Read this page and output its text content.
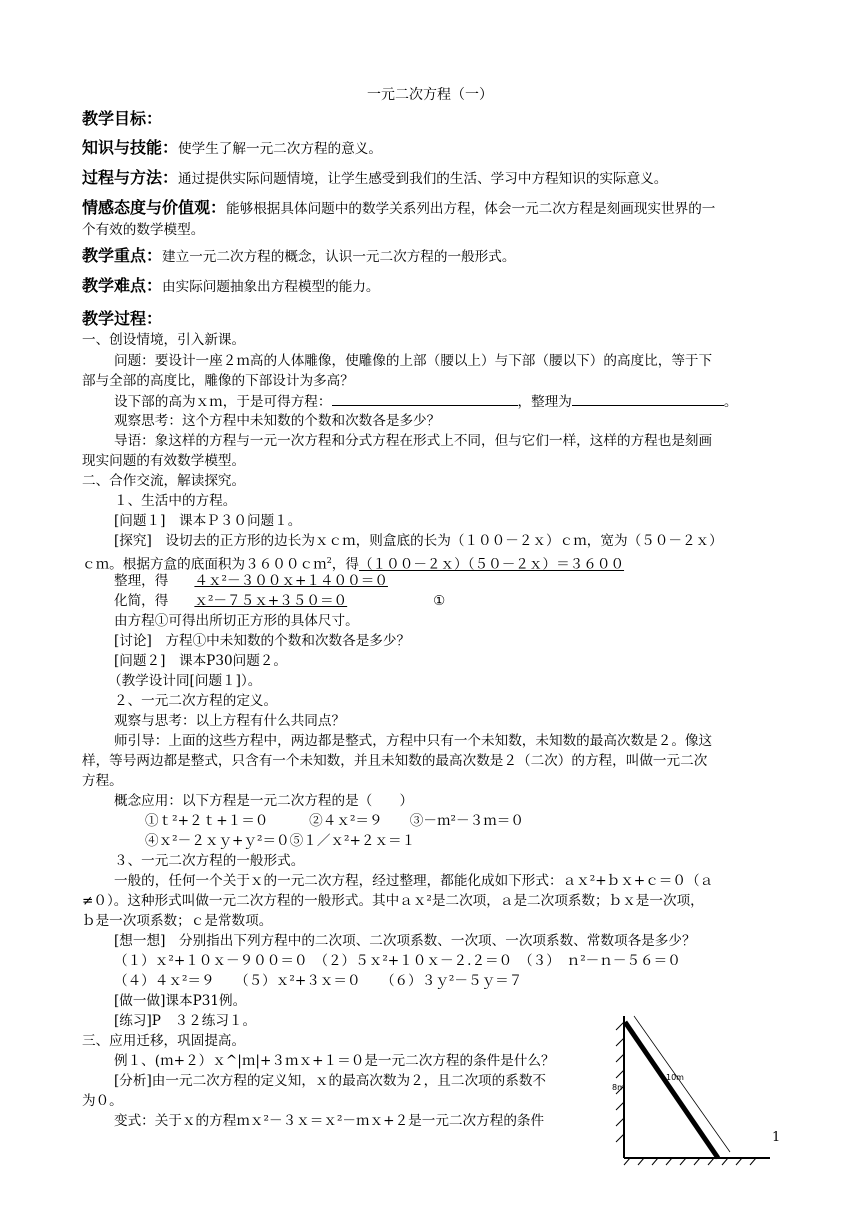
一元二次方程（一）
教学目标：
知识与技能：使学生了解一元二次方程的意义。
过程与方法：通过提供实际问题情境，让学生感受到我们的生活、学习中方程知识的实际意义。
情感态度与价值观：能够根据具体问题中的数学关系列出方程，体会一元二次方程是刻画现实世界的一
个有效的数学模型。
教学重点：建立一元二次方程的概念，认识一元二次方程的一般形式。
教学难点：由实际问题抽象出方程模型的能力。
教学过程：
一、创设情境，引入新课。
问题：要设计一座２ｍ高的人体雕像，使雕像的上部（腰以上）与下部（腰以下）的高度比，等于下
部与全部的高度比，雕像的下部设计为多高？
设下部的高为ｘｍ，于是可得方程：	，整理为	。
观察思考：这个方程中未知数的个数和次数各是多少？
导语：象这样的方程与一元一次方程和分式方程在形式上不同，但与它们一样，这样的方程也是刻画
现实问题的有效数学模型。
二、合作交流，解读探究。
１、生活中的方程。
[问题１]　课本Ｐ３０问题１。
[探究]　设切去的正方形的边长为ｘｃｍ，则盒底的长为（１００－２ｘ）ｃｍ，宽为（５０－２ｘ）
ｃｍ。根据方盒的底面积为３６００ｃｍ$^2$，得（１００－２ｘ）（５０－２ｘ）＝３６００
整理，得 ４ｘ²－３００ｘ+１４００＝０
化简，得 ｘ²－７５ｘ+３５０＝０	①
由方程①可得出所切正方形的具体尺寸。
[讨论]　方程①中未知数的个数和次数各是多少？
[问题２]　课本P30问题２。
（教学设计同[问题１]）。
２、一元二次方程的定义。
观察与思考：以上方程有什么共同点？
师引导：上面的这些方程中，两边都是整式，方程中只有一个未知数，未知数的最高次数是２。像这
样，等号两边都是整式，只含有一个未知数，并且未知数的最高次数是２（二次）的方程，叫做一元二次
方程。
概念应用：以下方程是一元二次方程的是（　　）
①ｔ²+２ｔ+１＝０　　　②４ｘ²＝９　　③－ｍ²－３ｍ＝０
④ｘ²－２ｘｙ+ｙ²＝０⑤１／ｘ²+２ｘ＝１
３、一元二次方程的一般形式。
一般的，任何一个关于ｘ的一元二次方程，经过整理，都能化成如下形式：ａｘ²+ｂｘ+ｃ＝０（ａ
≠０）。这种形式叫做一元二次方程的一般形式。其中ａｘ²是二次项，ａ是二次项系数；ｂｘ是一次项，
ｂ是一次项系数；ｃ是常数项。
[想一想]　分别指出下列方程中的二次项、二次项系数、一次项、一次项系数、常数项各是多少？
（１）ｘ²+１０ｘ－９００＝０　（２）５ｘ²+１０ｘ－２.２＝０　（３）　ｎ²－ｎ－５６＝０
（４）４ｘ²＝９　　（５）ｘ²+３ｘ＝０　　（６）３ｙ²－５ｙ＝７
[做一做]课本P31例。
[练习]P　３２练习１。
三、应用迁移，巩固提高。
例１、(ｍ+２）ｘ^|ｍ|+３ｍｘ+１＝０是一元二次方程的条件是什么？
[分析]由一元二次方程的定义知，ｘ的最高次数为２，且二次项的系数不
为０。
变式：关于ｘ的方程ｍｘ²－３ｘ＝ｘ²－ｍｘ+２是一元二次方程的条件
10m
8m
1
